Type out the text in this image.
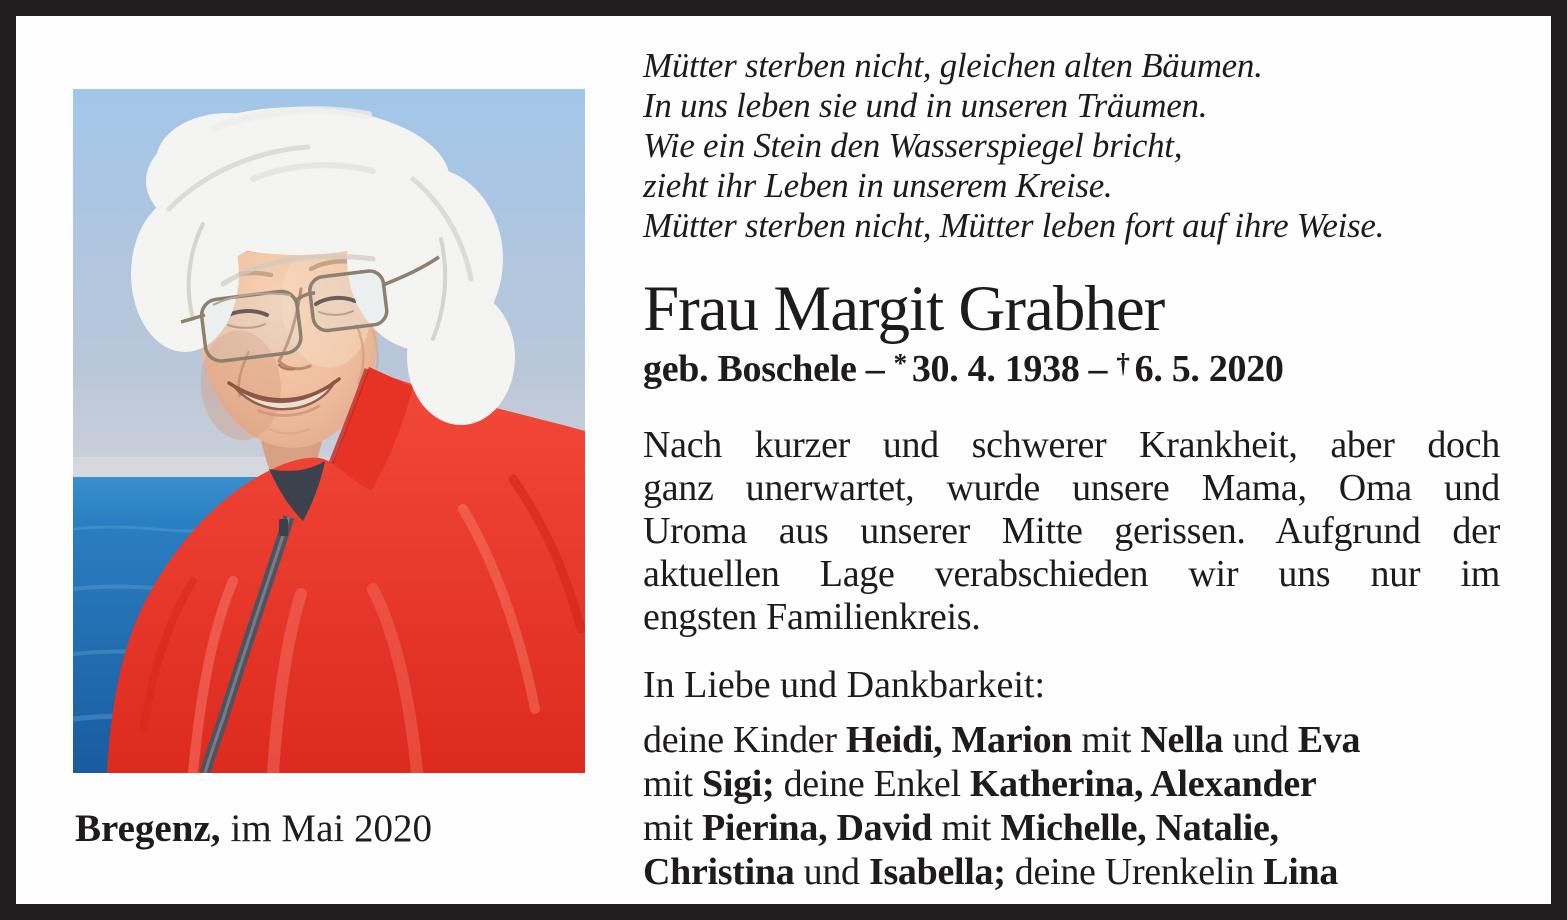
Bregenz, im Mai 2020
Mütter sterben nicht, gleichen alten Bäumen.
In uns leben sie und in unseren Träumen.
Wie ein Stein den Wasserspiegel bricht,
zieht ihr Leben in unserem Kreise.
Mütter sterben nicht, Mütter leben fort auf ihre Weise.
Frau Margit Grabher
geb. Boschele – * 30. 4. 1938 – † 6. 5. 2020
Nach kurzer und schwerer Krankheit, aber doch
ganz unerwartet, wurde unsere Mama, Oma und
Uroma aus unserer Mitte gerissen. Aufgrund der
aktuellen Lage verabschieden wir uns nur im
engsten Familienkreis.
In Liebe und Dankbarkeit:
deine Kinder Heidi, Marion mit Nella und Eva
mit Sigi; deine Enkel Katherina, Alexander
mit Pierina, David mit Michelle, Natalie,
Christina und Isabella; deine Urenkelin Lina
